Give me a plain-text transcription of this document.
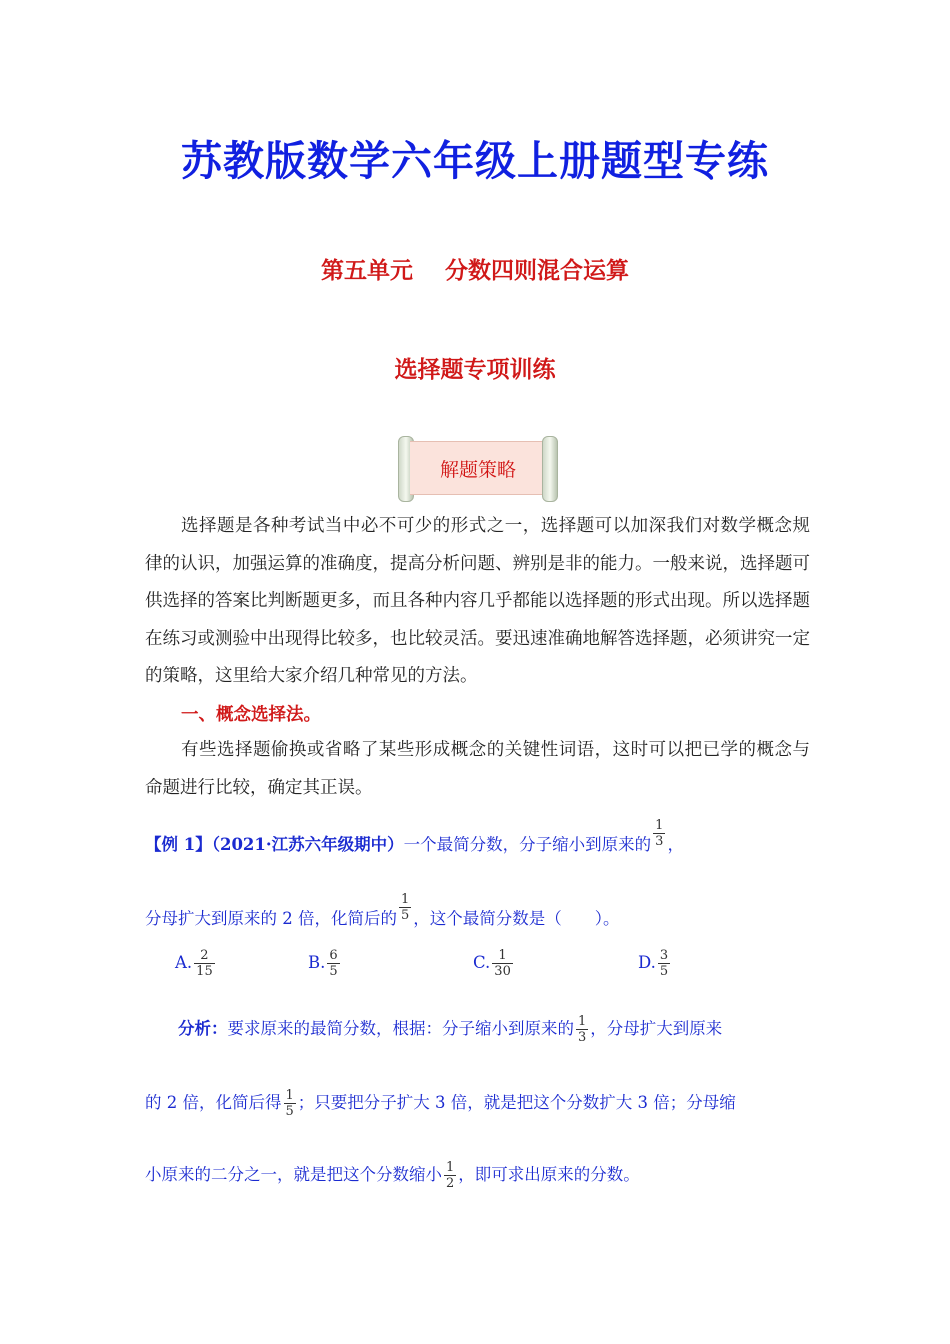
苏教版数学六年级上册题型专练
第五单元    分数四则混合运算
选择题专项训练
解题策略
选择题是各种考试当中必不可少的形式之一，选择题可以加深我们对数学概念规律的认识，加强运算的准确度，提高分析问题、辨别是非的能力。一般来说，选择题可供选择的答案比判断题更多，而且各种内容几乎都能以选择题的形式出现。所以选择题在练习或测验中出现得比较多，也比较灵活。要迅速准确地解答选择题，必须讲究一定的策略，这里给大家介绍几种常见的方法。
一、概念选择法。
有些选择题偷换或省略了某些形成概念的关键性词语，这时可以把已学的概念与命题进行比较，确定其正误。
【例 1】（2021·江苏六年级期中）一个最简分数，分子缩小到原来的 $\frac{1}{3}$ ，
分母扩大到原来的 2 倍，化简后的 $\frac{1}{5}$ ，这个最简分数是（　　）。
A. $\frac{2}{15}$	B. $\frac{6}{5}$	C. $\frac{1}{30}$	D. $\frac{3}{5}$
分析：要求原来的最简分数，根据：分子缩小到原来的 $\frac{1}{3}$ ，分母扩大到原来
的 2 倍，化简后得 $\frac{1}{5}$ ；只要把分子扩大 3 倍，就是把这个分数扩大 3 倍；分母缩
小原来的二分之一，就是把这个分数缩小 $\frac{1}{2}$ ，即可求出原来的分数。
